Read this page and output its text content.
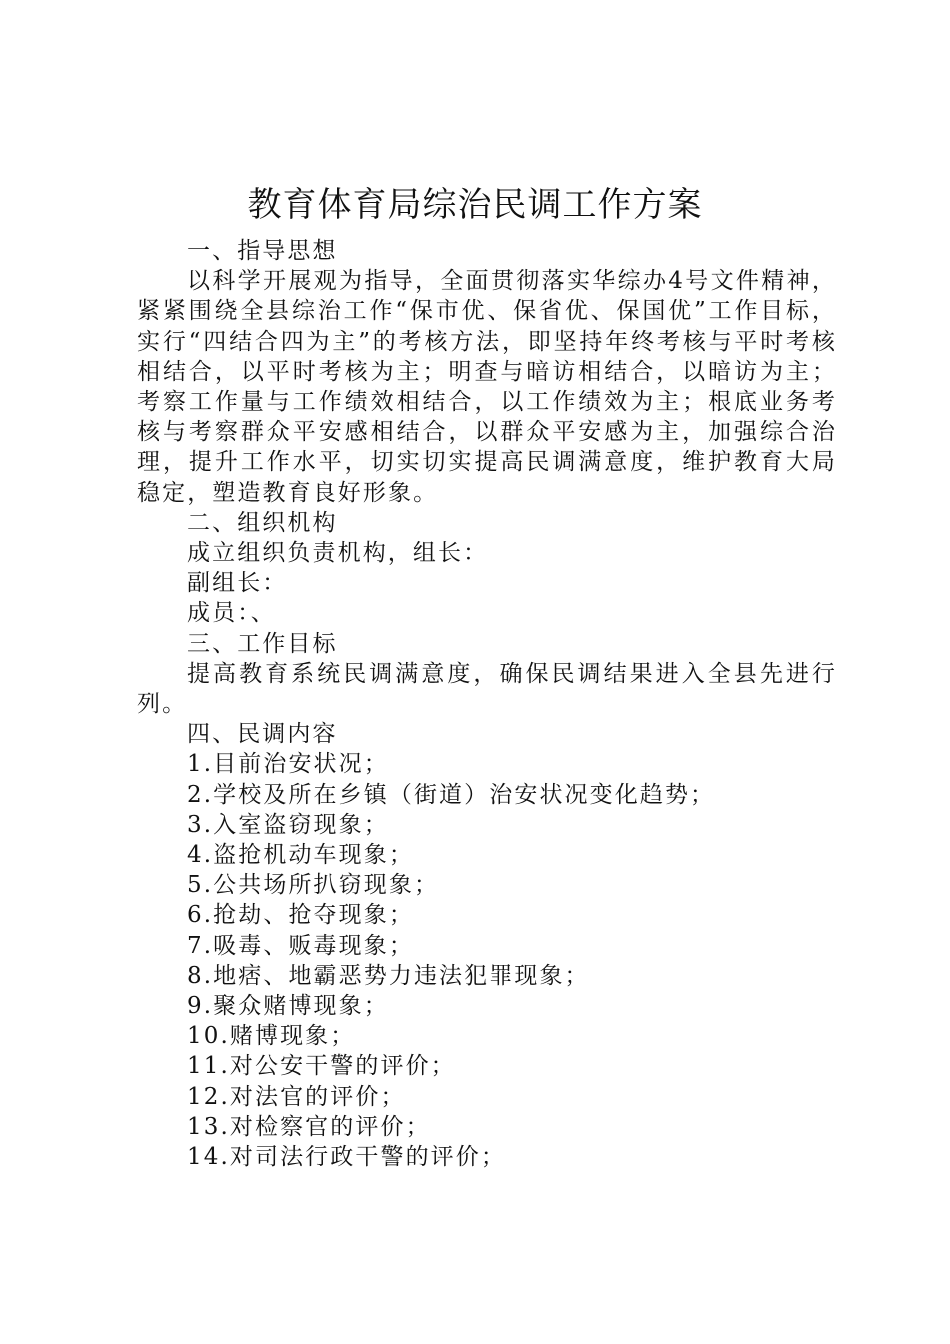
教育体育局综治民调工作方案

一、指导思想

以科学开展观为指导，全面贯彻落实华综办4号文件精神，紧紧围绕全县综治工作“保市优、保省优、保国优”工作目标，实行“四结合四为主”的考核方法，即坚持年终考核与平时考核相结合，以平时考核为主；明查与暗访相结合，以暗访为主；考察工作量与工作绩效相结合，以工作绩效为主；根底业务考核与考察群众平安感相结合，以群众平安感为主，加强综合治理，提升工作水平，切实切实提高民调满意度，维护教育大局稳定，塑造教育良好形象。

二、组织机构

成立组织负责机构，组长：

副组长：

成员：、

三、工作目标

提高教育系统民调满意度，确保民调结果进入全县先进行列。

四、民调内容

1.目前治安状况；

2.学校及所在乡镇（街道）治安状况变化趋势；

3.入室盗窃现象；

4.盗抢机动车现象；

5.公共场所扒窃现象；

6.抢劫、抢夺现象；

7.吸毒、贩毒现象；

8.地痞、地霸恶势力违法犯罪现象；

9.聚众赌博现象；

10.赌博现象；

11.对公安干警的评价；

12.对法官的评价；

13.对检察官的评价；

14.对司法行政干警的评价；
